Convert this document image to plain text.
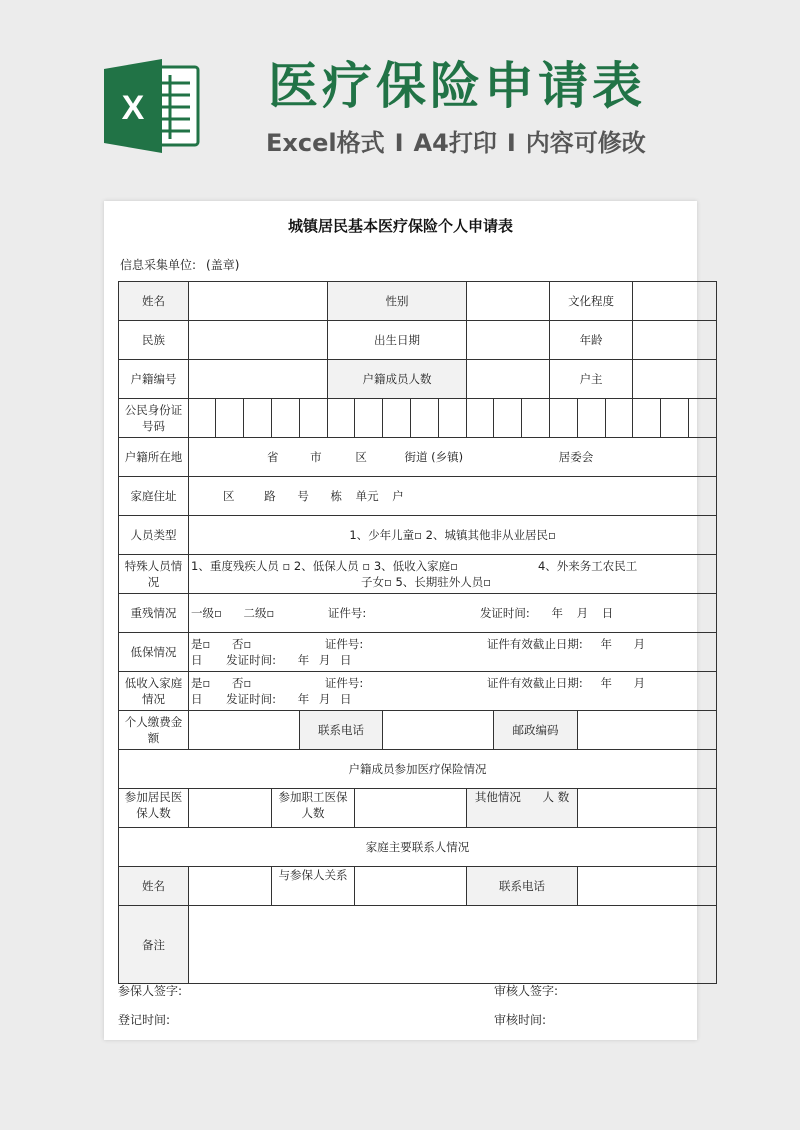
X 医疗保险申请表
Excel格式 I A4打印 I 内容可修改
城镇居民基本医疗保险个人申请表
信息采集单位: (盖章)
姓名						性别								文化程度					
民族						出生日期								年龄					
户籍编号						户籍成员人数								户主					
公民身份证号码																			
户籍所在地	省 市 区 街道 (乡镇) 居委会																		
家庭住址	区 路 号 栋 单元 户																		
人员类型	1、少年儿童▫ 2、城镇其他非从业居民▫																		
特殊人员情况	1、重度残疾人员 ▫ 2、低保人员 ▫ 3、低收入家庭▫ 4、外来务工农民工
子女▫ 5、长期驻外人员▫																		

重残情况	一级▫ 二级▫ 证件号: 发证时间: 年 月 日																		
低保情况	是▫ 否▫ 证件号: 证件有效截止日期: 年 月
日 发证时间: 年 月 日																		

低收入家庭情况	是▫ 否▫ 证件号: 证件有效截止日期: 年 月
日 发证时间: 年 月 日																		

个人缴费金 额					联系电话							邮政编码							
户籍成员参加医疗保险情况																			
参加居民医保人数				参加职工医保人数							其他情况 人 数								
家庭主要联系人情况																			
姓名				与参保人关系							联系电话								
备注																			
参保人签字:	审核人签字:
登记时间:	审核时间:
